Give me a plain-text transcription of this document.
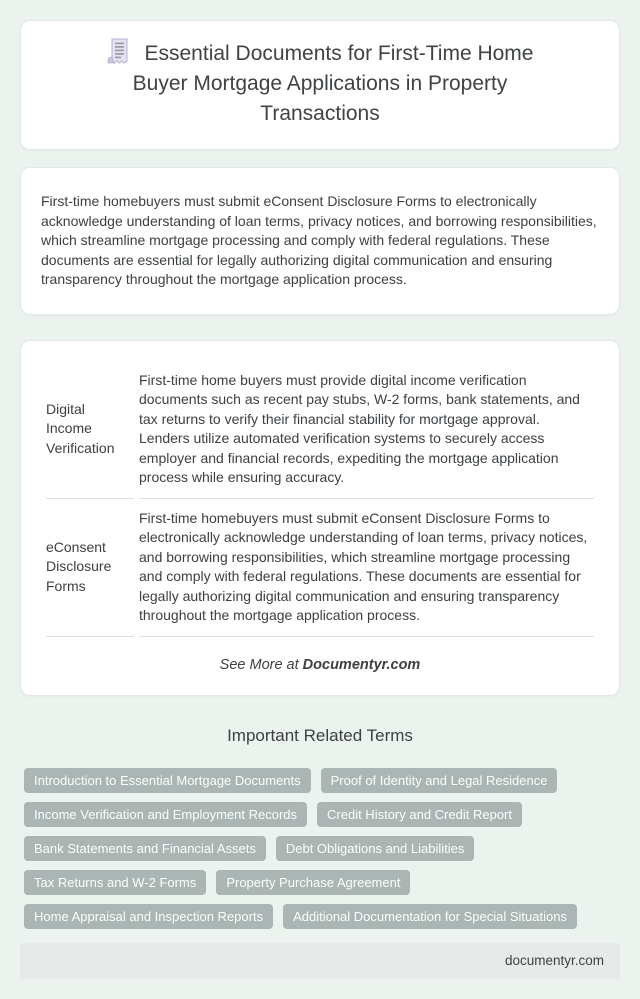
Essential Documents for First-Time Home Buyer Mortgage Applications in Property Transactions

First-time homebuyers must submit eConsent Disclosure Forms to electronically acknowledge understanding of loan terms, privacy notices, and borrowing responsibilities, which streamline mortgage processing and comply with federal regulations. These documents are essential for legally authorizing digital communication and ensuring transparency throughout the mortgage application process.

Digital Income Verification	First-time home buyers must provide digital income verification documents such as recent pay stubs, W-2 forms, bank statements, and tax returns to verify their financial stability for mortgage approval. Lenders utilize automated verification systems to securely access employer and financial records, expediting the mortgage application process while ensuring accuracy.
eConsent Disclosure Forms	First-time homebuyers must submit eConsent Disclosure Forms to electronically acknowledge understanding of loan terms, privacy notices, and borrowing responsibilities, which streamline mortgage processing and comply with federal regulations. These documents are essential for legally authorizing digital communication and ensuring transparency throughout the mortgage application process.
See More at Documentyr.com
Important Related Terms
Introduction to Essential Mortgage Documents	Proof of Identity and Legal Residence
Income Verification and Employment Records	Credit History and Credit Report
Bank Statements and Financial Assets	Debt Obligations and Liabilities
Tax Returns and W-2 Forms	Property Purchase Agreement
Home Appraisal and Inspection Reports	Additional Documentation for Special Situations
documentyr.com
